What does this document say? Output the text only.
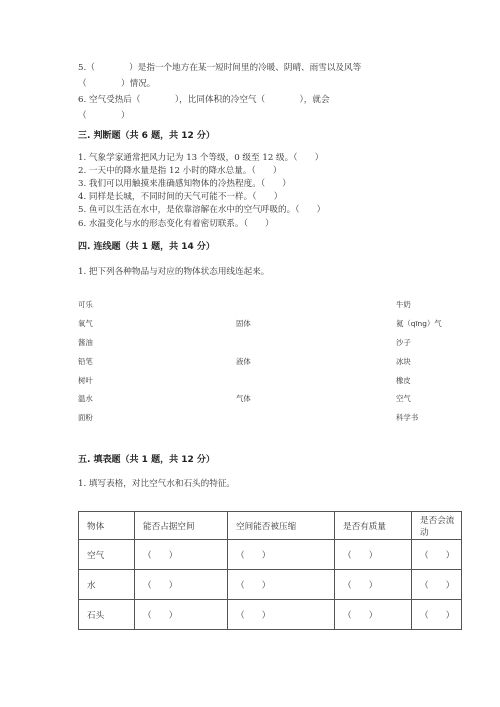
5.（　　　　）是指一个地方在某一短时间里的冷暖、阴晴、雨雪以及风等
（　　　　）情况。
6. 空气受热后（　　　　），比同体积的冷空气（　　　　），就会
（　　　　）
三. 判断题（共 6 题，共 12 分）
1. 气象学家通常把风力记为 13 个等级，0 级至 12 级。（　　）
2. 一天中的降水量是指 12 小时的降水总量。（　　）
3. 我们可以用触摸来准确感知物体的冷热程度。（　　）
4. 同样是长城，不同时间的天气可能不一样。（　　）
5. 鱼可以生活在水中，是依靠溶解在水中的空气呼吸的。（　　）
6. 水温变化与水的形态变化有着密切联系。（　　）
四. 连线题（共 1 题，共 14 分）
1. 把下列各种物品与对应的物体状态用线连起来。
可乐
氧气
酱油
铅笔
树叶
温水
面粉
固体
液体
气体
牛奶
氦（qīng）气
沙子
冰块
橡皮
空气
科学书
五. 填表题（共 1 题，共 12 分）
1. 填写表格，对比空气水和石头的特征。
物体	能否占据空间	空间能否被压缩	是否有质量	是否会流动
空气	（　　）	（　　）	（　　）	（　　）
水	（　　）	（　　）	（　　）	（　　）
石头	（　　）	（　　）	（　　）	（　　）
